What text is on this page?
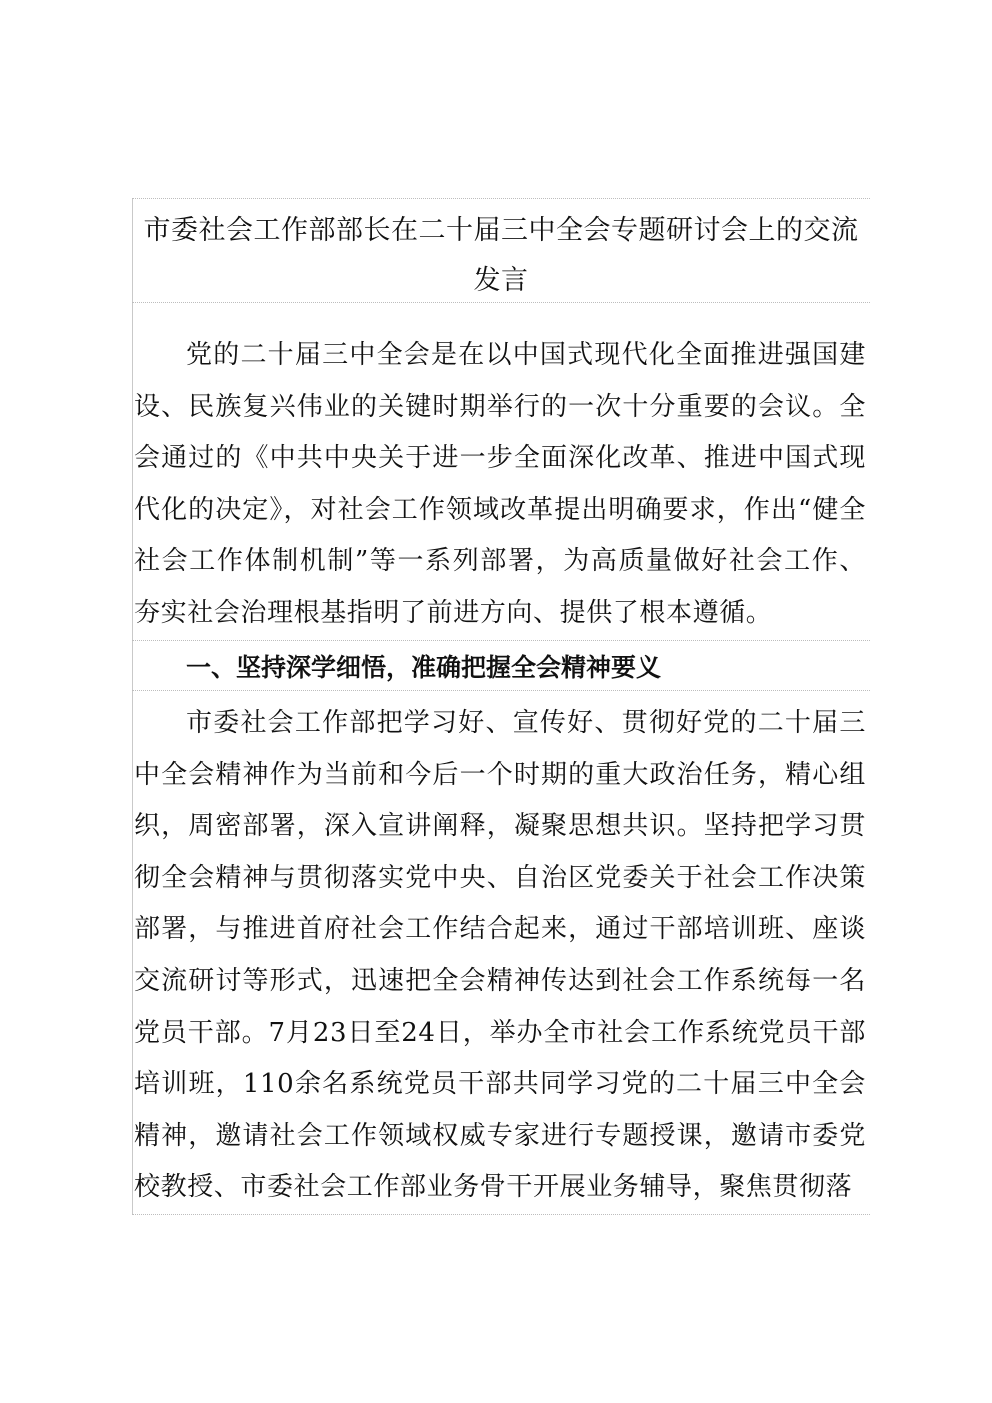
市委社会工作部部长在二十届三中全会专题研讨会上的交流发言

党的二十届三中全会是在以中国式现代化全面推进强国建设、民族复兴伟业的关键时期举行的一次十分重要的会议。全会通过的《中共中央关于进一步全面深化改革、推进中国式现代化的决定》，对社会工作领域改革提出明确要求，作出“健全社会工作体制机制”等一系列部署，为高质量做好社会工作、夯实社会治理根基指明了前进方向、提供了根本遵循。

一、坚持深学细悟，准确把握全会精神要义

市委社会工作部把学习好、宣传好、贯彻好党的二十届三中全会精神作为当前和今后一个时期的重大政治任务，精心组织，周密部署，深入宣讲阐释，凝聚思想共识。坚持把学习贯彻全会精神与贯彻落实党中央、自治区党委关于社会工作决策部署，与推进首府社会工作结合起来，通过干部培训班、座谈交流研讨等形式，迅速把全会精神传达到社会工作系统每一名党员干部。7月23日至24日，举办全市社会工作系统党员干部培训班，110余名系统党员干部共同学习党的二十届三中全会精神，邀请社会工作领域权威专家进行专题授课，邀请市委党校教授、市委社会工作部业务骨干开展业务辅导，聚焦贯彻落
